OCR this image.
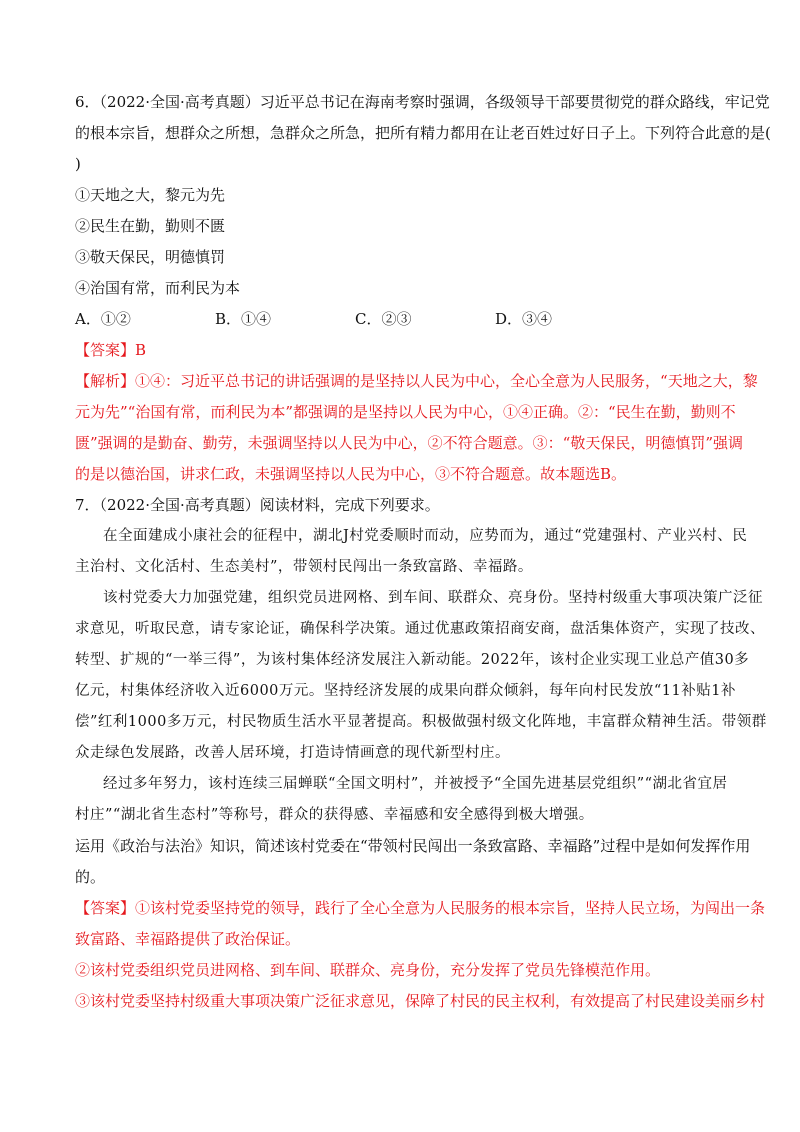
6．（2022·全国·高考真题）习近平总书记在海南考察时强调，各级领导干部要贯彻党的群众路线，牢记党
的根本宗旨，想群众之所想，急群众之所急，把所有精力都用在让老百姓过好日子上。下列符合此意的是(
)
①天地之大，黎元为先
②民生在勤，勤则不匮
③敬天保民，明德慎罚
④治国有常，而利民为本
A．①②	B．①④	C．②③	D．③④
【答案】B
【解析】①④：习近平总书记的讲话强调的是坚持以人民为中心，全心全意为人民服务，“天地之大，黎
元为先”“治国有常，而利民为本”都强调的是坚持以人民为中心，①④正确。②：“民生在勤，勤则不
匮”强调的是勤奋、勤劳，未强调坚持以人民为中心，②不符合题意。③：“敬天保民，明德慎罚”强调
的是以德治国，讲求仁政，未强调坚持以人民为中心，③不符合题意。故本题选B。
7．（2022·全国·高考真题）阅读材料，完成下列要求。
在全面建成小康社会的征程中，湖北J村党委顺时而动，应势而为，通过“党建强村、产业兴村、民
主治村、文化活村、生态美村”，带领村民闯出一条致富路、幸福路。
该村党委大力加强党建，组织党员进网格、到车间、联群众、亮身份。坚持村级重大事项决策广泛征
求意见，听取民意，请专家论证，确保科学决策。通过优惠政策招商安商，盘活集体资产，实现了技改、
转型、扩规的“一举三得”，为该村集体经济发展注入新动能。2022年，该村企业实现工业总产值30多
亿元，村集体经济收入近6000万元。坚持经济发展的成果向群众倾斜，每年向村民发放“11补贴1补
偿”红利1000多万元，村民物质生活水平显著提高。积极做强村级文化阵地，丰富群众精神生活。带领群
众走绿色发展路，改善人居环境，打造诗情画意的现代新型村庄。
经过多年努力，该村连续三届蝉联“全国文明村”，并被授予“全国先进基层党组织”“湖北省宜居
村庄”“湖北省生态村”等称号，群众的获得感、幸福感和安全感得到极大增强。
运用《政治与法治》知识，简述该村党委在“带领村民闯出一条致富路、幸福路”过程中是如何发挥作用
的。
【答案】①该村党委坚持党的领导，践行了全心全意为人民服务的根本宗旨，坚持人民立场，为闯出一条
致富路、幸福路提供了政治保证。
②该村党委组织党员进网格、到车间、联群众、亮身份，充分发挥了党员先锋模范作用。
③该村党委坚持村级重大事项决策广泛征求意见，保障了村民的民主权利，有效提高了村民建设美丽乡村
